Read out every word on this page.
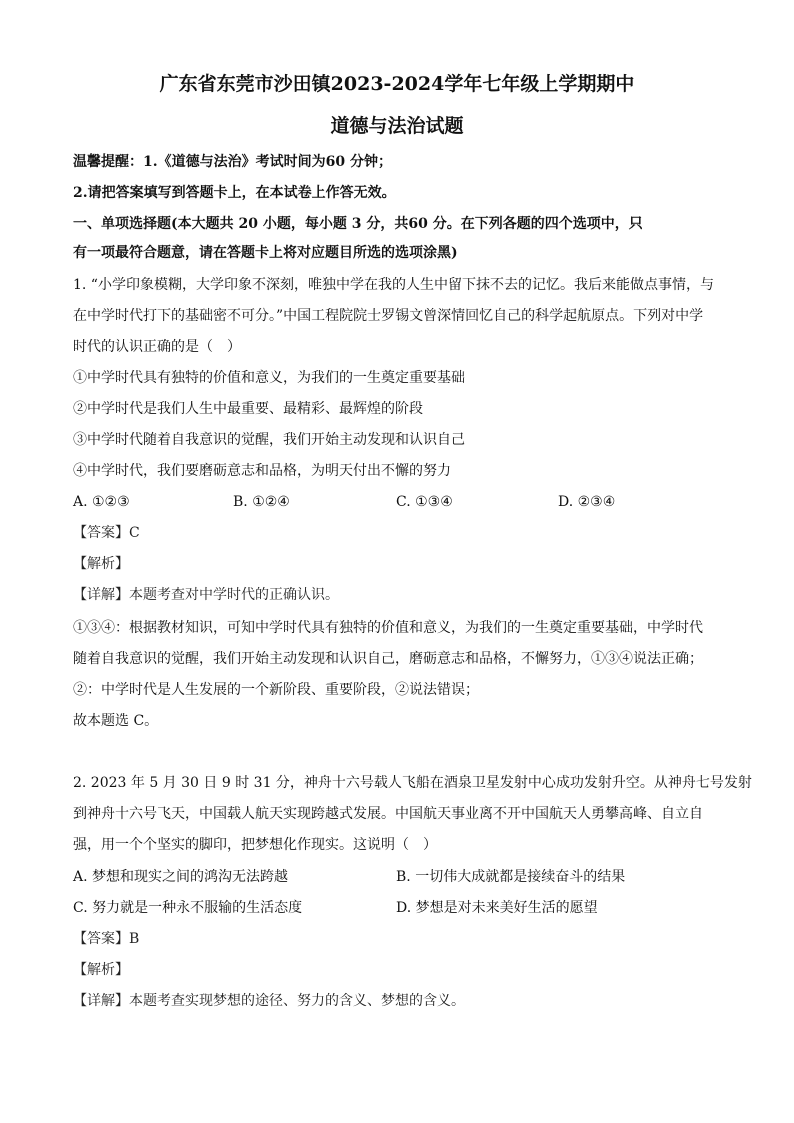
广东省东莞市沙田镇2023-2024学年七年级上学期期中
道德与法治试题
温馨提醒：1.《道德与法治》考试时间为60 分钟；
2.请把答案填写到答题卡上，在本试卷上作答无效。
一、单项选择题(本大题共 20 小题，每小题 3 分，共60 分。在下列各题的四个选项中，只
有一项最符合题意，请在答题卡上将对应题目所选的选项涂黑)
1. “小学印象模糊，大学印象不深刻，唯独中学在我的人生中留下抹不去的记忆。我后来能做点事情，与
在中学时代打下的基础密不可分。”中国工程院院士罗锡文曾深情回忆自己的科学起航原点。下列对中学
时代的认识正确的是（　）
①中学时代具有独特的价值和意义，为我们的一生奠定重要基础
②中学时代是我们人生中最重要、最精彩、最辉煌的阶段
③中学时代随着自我意识的觉醒，我们开始主动发现和认识自己
④中学时代，我们要磨砺意志和品格，为明天付出不懈的努力
A. ①②③	B. ①②④	C. ①③④	D. ②③④
【答案】C
【解析】
【详解】本题考查对中学时代的正确认识。
①③④：根据教材知识，可知中学时代具有独特的价值和意义，为我们的一生奠定重要基础，中学时代
随着自我意识的觉醒，我们开始主动发现和认识自己，磨砺意志和品格，不懈努力，①③④说法正确；
②：中学时代是人生发展的一个新阶段、重要阶段，②说法错误；
故本题选 C。
2. 2023 年 5 月 30 日 9 时 31 分，神舟十六号载人飞船在酒泉卫星发射中心成功发射升空。从神舟七号发射
到神舟十六号飞天，中国载人航天实现跨越式发展。中国航天事业离不开中国航天人勇攀高峰、自立自
强，用一个个坚实的脚印，把梦想化作现实。这说明（　）
A. 梦想和现实之间的鸿沟无法跨越	B. 一切伟大成就都是接续奋斗的结果
C. 努力就是一种永不服输的生活态度	D. 梦想是对未来美好生活的愿望
【答案】B
【解析】
【详解】本题考查实现梦想的途径、努力的含义、梦想的含义。
